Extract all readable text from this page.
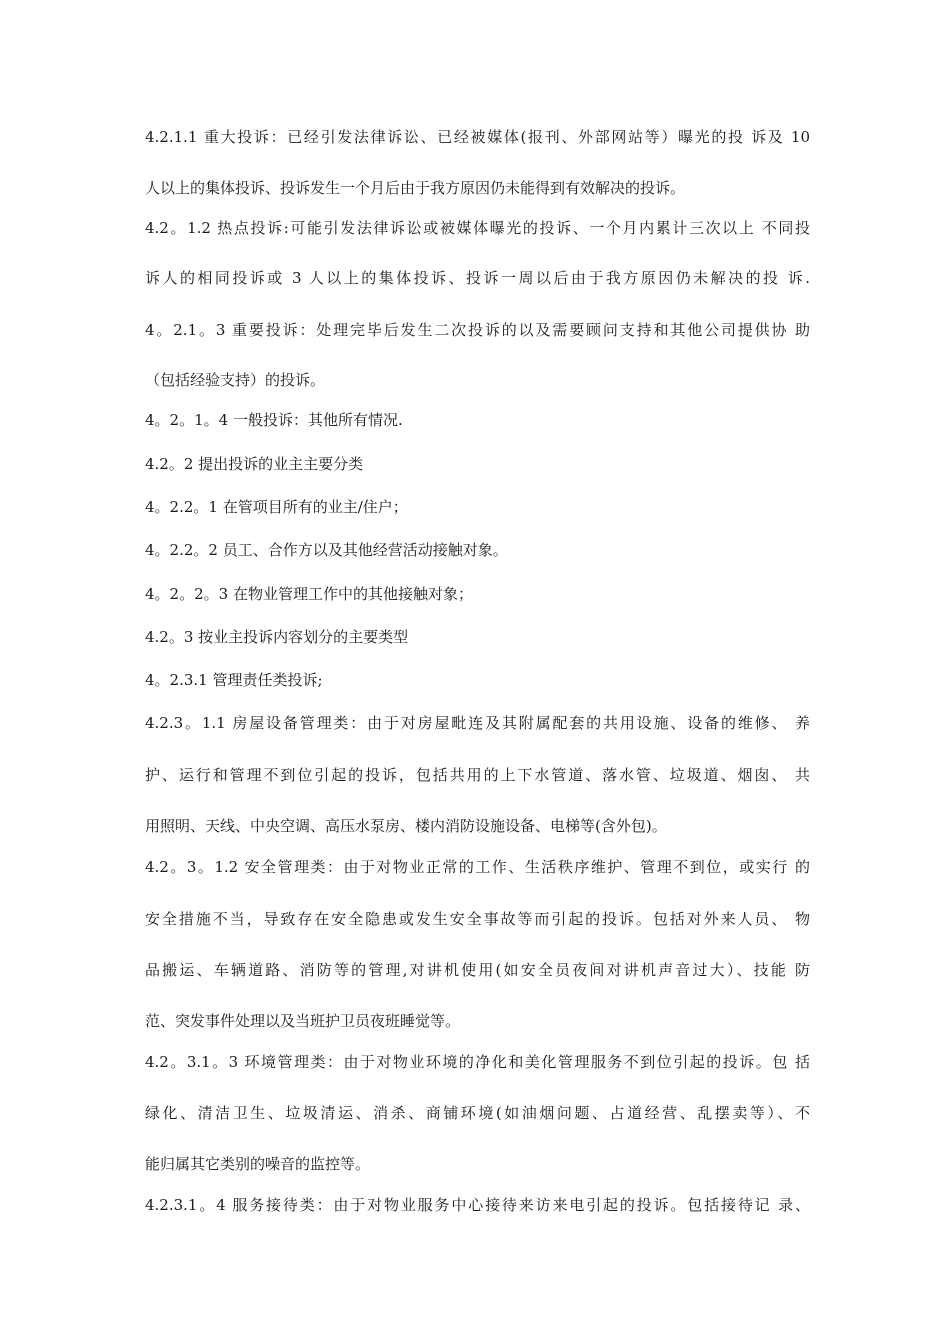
4.2.1.1 重大投诉：已经引发法律诉讼、已经被媒体(报刊、外部网站等）曝光的投 诉及 10
人以上的集体投诉、投诉发生一个月后由于我方原因仍未能得到有效解决的投诉。
4.2。1.2 热点投诉:可能引发法律诉讼或被媒体曝光的投诉、一个月内累计三次以上 不同投
诉人的相同投诉或 3 人以上的集体投诉、投诉一周以后由于我方原因仍未解决的投 诉.
4。2.1。3 重要投诉：处理完毕后发生二次投诉的以及需要顾问支持和其他公司提供协 助
（包括经验支持）的投诉。
4。2。1。4 一般投诉：其他所有情况.
4.2。2 提出投诉的业主主要分类
4。2.2。1 在管项目所有的业主/住户；
4。2.2。2 员工、合作方以及其他经营活动接触对象。
4。2。2。3 在物业管理工作中的其他接触对象；
4.2。3 按业主投诉内容划分的主要类型
4。2.3.1 管理责任类投诉;
4.2.3。1.1 房屋设备管理类：由于对房屋毗连及其附属配套的共用设施、设备的维修、 养
护、运行和管理不到位引起的投诉，包括共用的上下水管道、落水管、垃圾道、烟囱、 共
用照明、天线、中央空调、高压水泵房、楼内消防设施设备、电梯等(含外包)。
4.2。3。1.2 安全管理类：由于对物业正常的工作、生活秩序维护、管理不到位，或实行 的
安全措施不当，导致存在安全隐患或发生安全事故等而引起的投诉。包括对外来人员、 物
品搬运、车辆道路、消防等的管理,对讲机使用(如安全员夜间对讲机声音过大）、技能 防
范、突发事件处理以及当班护卫员夜班睡觉等。
4.2。3.1。3 环境管理类：由于对物业环境的净化和美化管理服务不到位引起的投诉。包 括
绿化、清洁卫生、垃圾清运、消杀、商铺环境(如油烟问题、占道经营、乱摆卖等）、不
能归属其它类别的噪音的监控等。
4.2.3.1。4 服务接待类：由于对物业服务中心接待来访来电引起的投诉。包括接待记 录、
